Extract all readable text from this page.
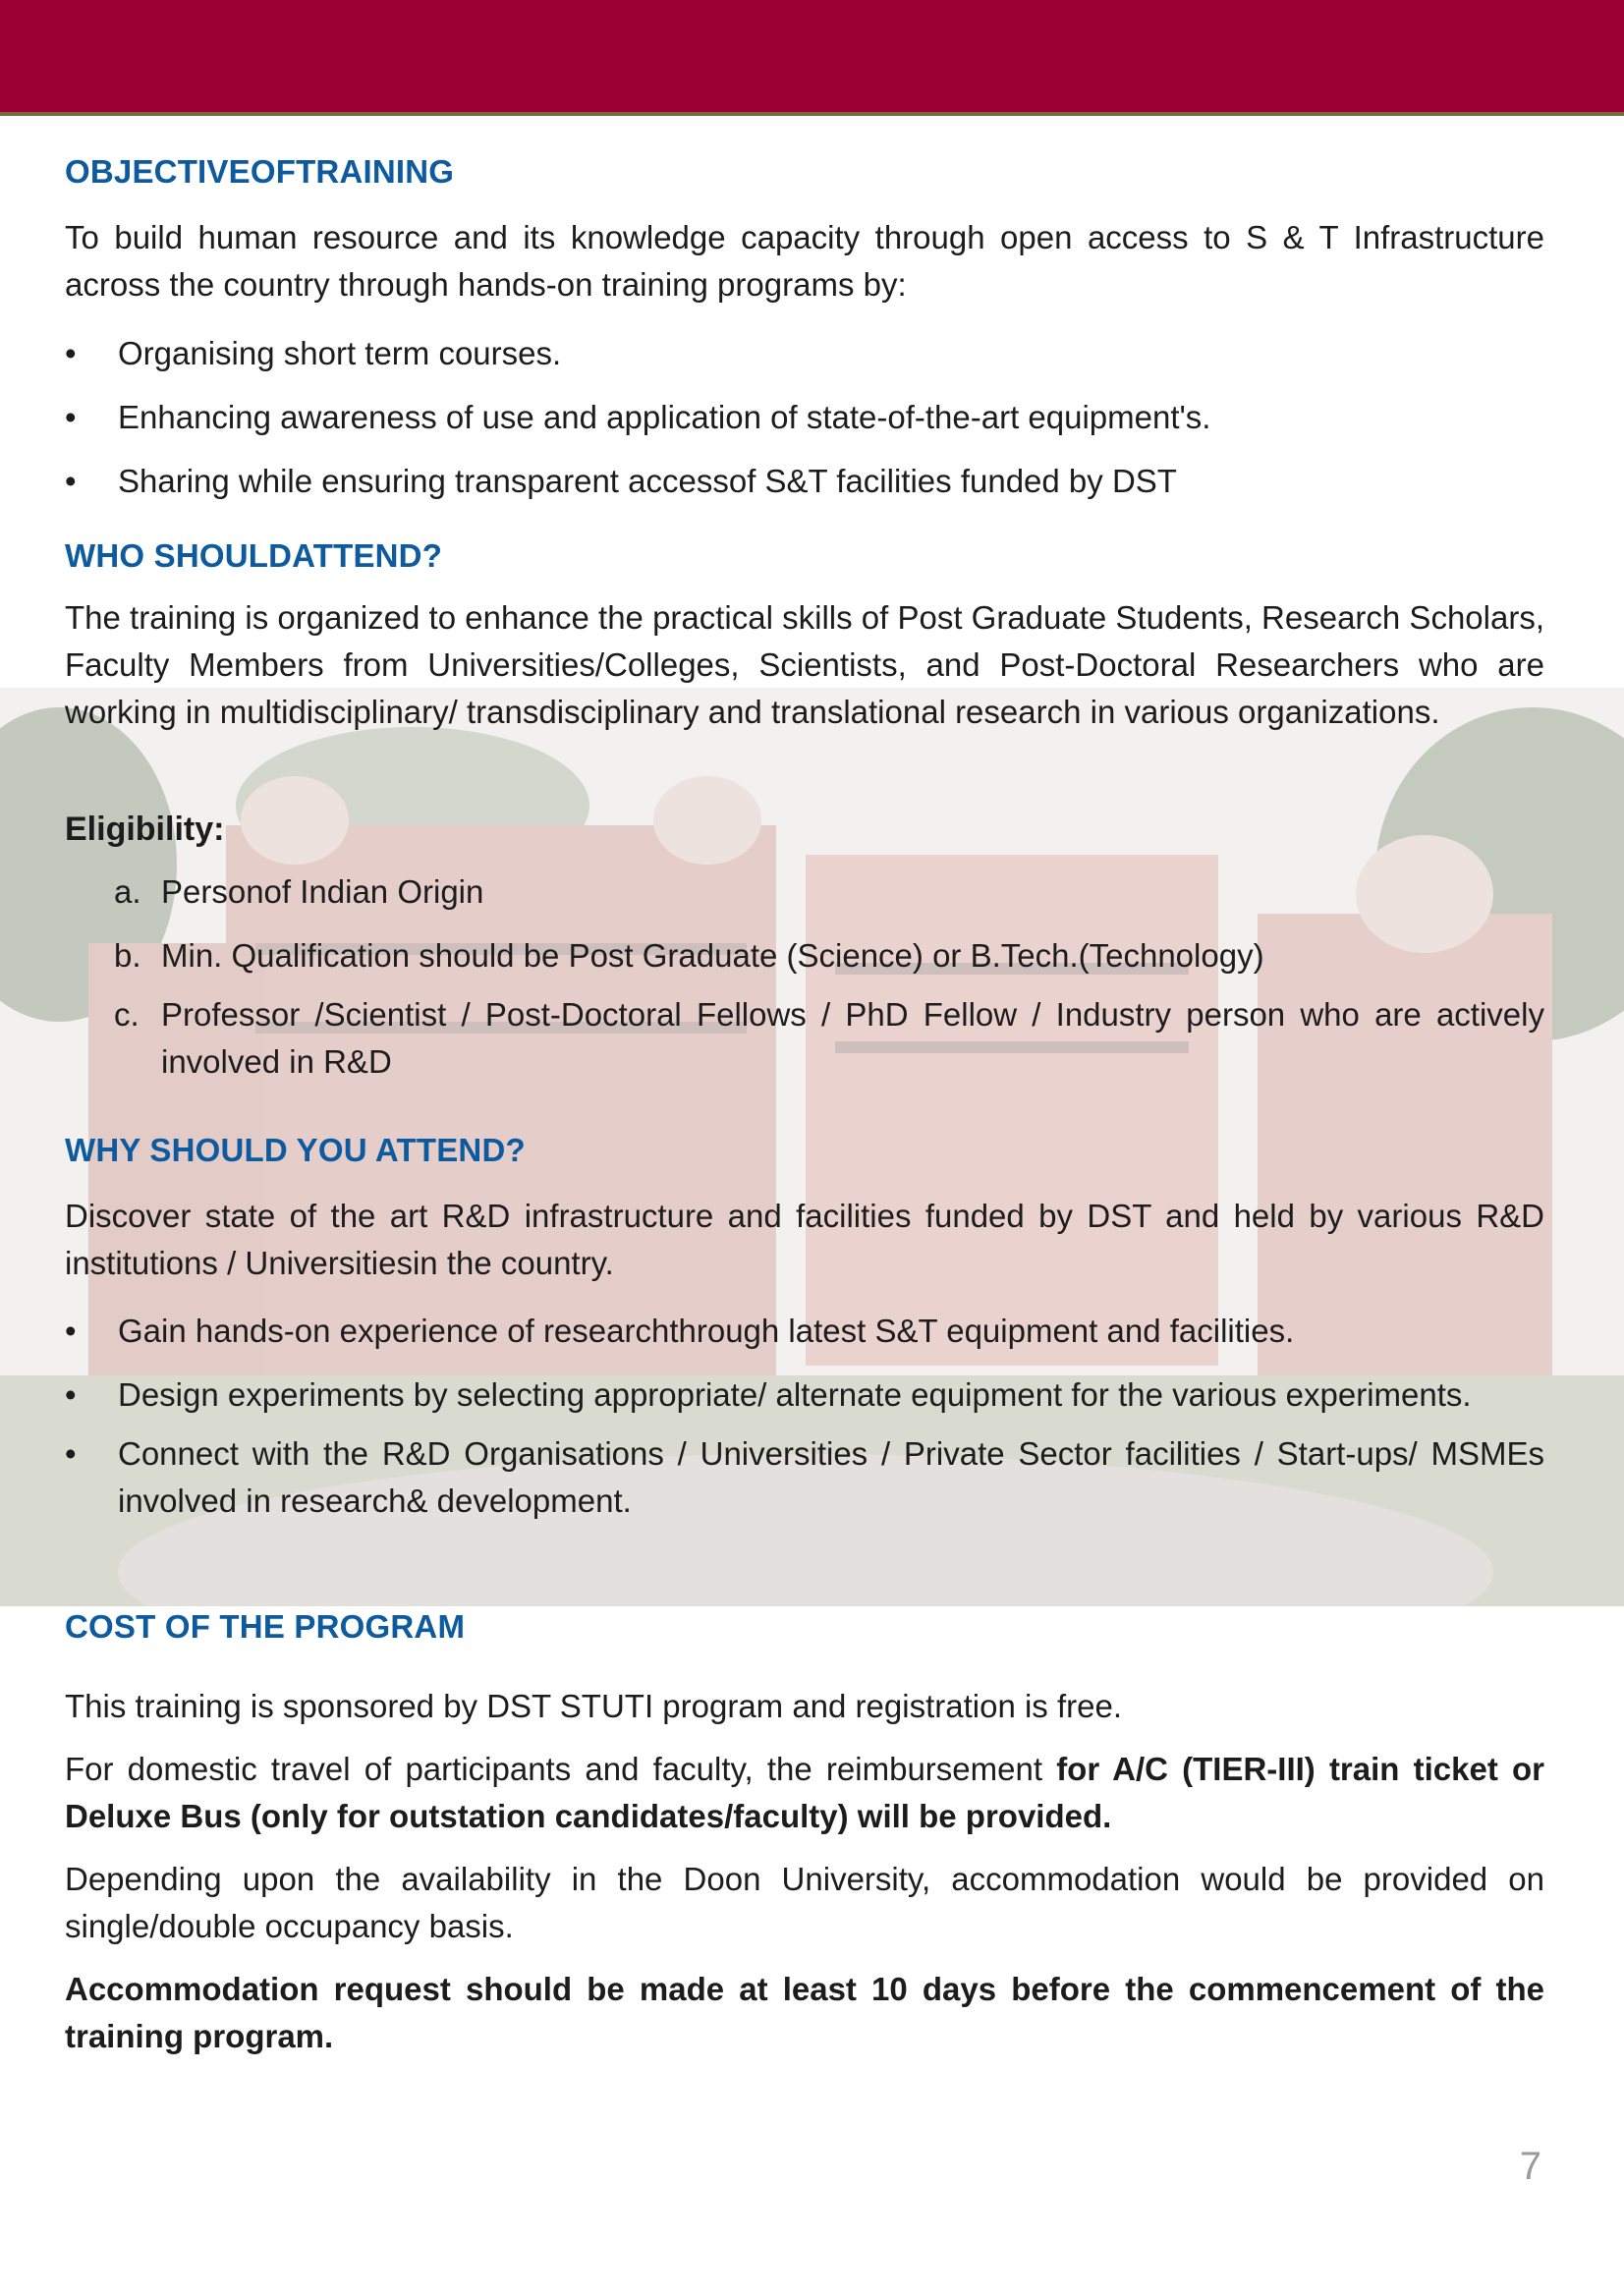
OBJECTIVEOFTRAINING

To build human resource and its knowledge capacity through open access to S & T Infrastructure across the country through hands-on training programs by:

• Organising short term courses.

• Enhancing awareness of use and application of state-of-the-art equipment's.

• Sharing while ensuring transparent accessof S&T facilities funded by DST

WHO SHOULDATTEND?

The training is organized to enhance the practical skills of Post Graduate Students, Research Scholars, Faculty Members from Universities/Colleges, Scientists, and Post-Doctoral Researchers who are working in multidisciplinary/ transdisciplinary and translational research in various organizations.

Eligibility:

a. Personof Indian Origin

b. Min. Qualification should be Post Graduate (Science) or B.Tech.(Technology)

c. Professor /Scientist / Post-Doctoral Fellows / PhD Fellow / Industry person who are actively involved in R&D

WHY SHOULD YOU ATTEND?

Discover state of the art R&D infrastructure and facilities funded by DST and held by various R&D institutions / Universitiesin the country.

• Gain hands-on experience of researchthrough latest S&T equipment and facilities.

• Design experiments by selecting appropriate/ alternate equipment for the various experiments.

• Connect with the R&D Organisations / Universities / Private Sector facilities / Start-ups/ MSMEs involved in research& development.

COST OF THE PROGRAM

This training is sponsored by DST STUTI program and registration is free.

For domestic travel of participants and faculty, the reimbursement for A/C (TIER-III) train ticket or Deluxe Bus (only for outstation candidates/faculty) will be provided.

Depending upon the availability in the Doon University, accommodation would be provided on single/double occupancy basis.

Accommodation request should be made at least 10 days before the commencement of the training program.

7
